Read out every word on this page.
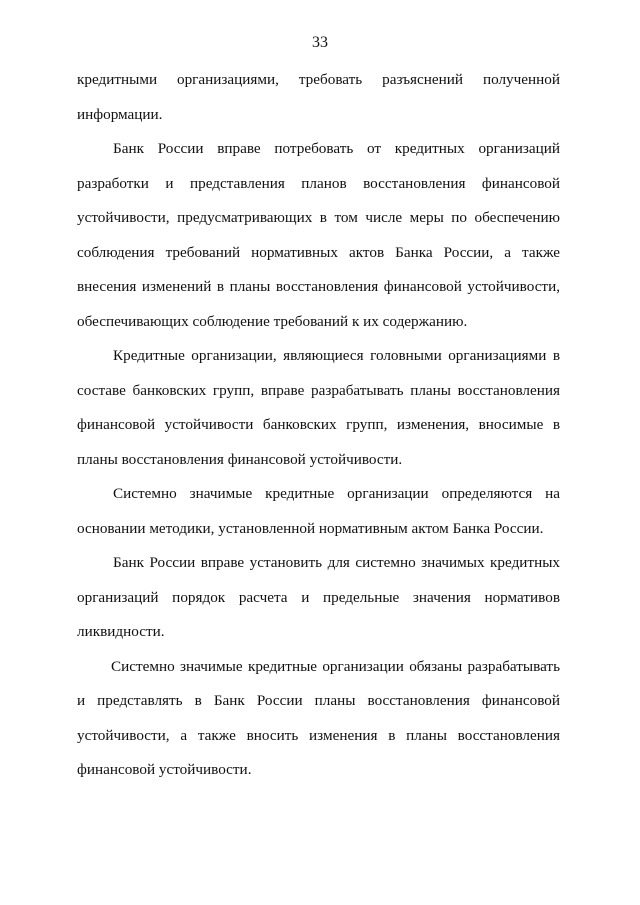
33
кредитными организациями, требовать разъяснений полученной
информации.
Банк России вправе потребовать от кредитных организаций
разработки и представления планов восстановления финансовой
устойчивости, предусматривающих в том числе меры по обеспечению
соблюдения требований нормативных актов Банка России, а также
внесения изменений в планы восстановления финансовой устойчивости,
обеспечивающих соблюдение требований к их содержанию.
Кредитные организации, являющиеся головными организациями в
составе банковских групп, вправе разрабатывать планы восстановления
финансовой устойчивости банковских групп, изменения, вносимые в
планы восстановления финансовой устойчивости.
Системно значимые кредитные организации определяются на
основании методики, установленной нормативным актом Банка России.
Банк России вправе установить для системно значимых кредитных
организаций порядок расчета и предельные значения нормативов
ликвидности.
Системно значимые кредитные организации обязаны разрабатывать
и представлять в Банк России планы восстановления финансовой
устойчивости, а также вносить изменения в планы восстановления
финансовой устойчивости.
